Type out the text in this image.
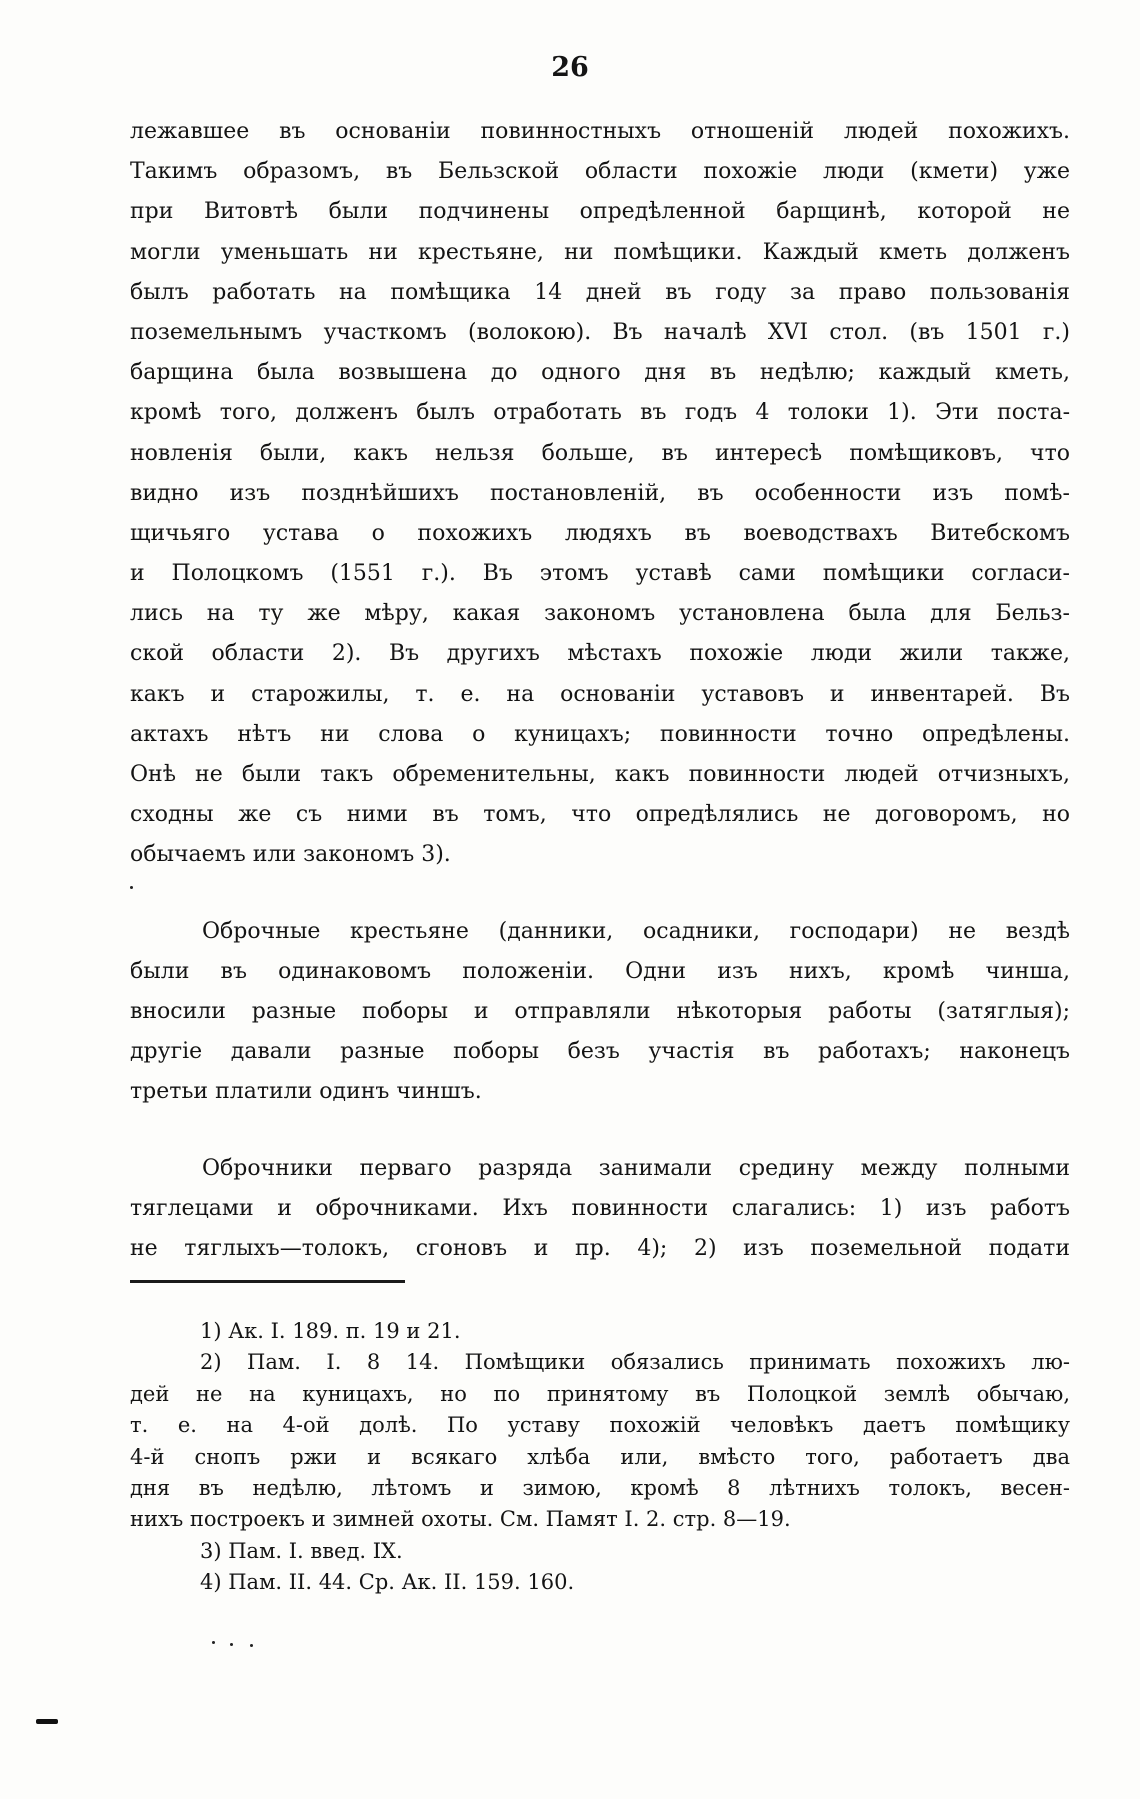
26
лежавшее въ основаніи повинностныхъ отношеній людей похожихъ.
Такимъ образомъ, въ Бельзской области похожіе люди (кмети) уже
при Витовтѣ были подчинены опредѣленной барщинѣ, которой не
могли уменьшать ни крестьяне, ни помѣщики. Каждый кметь долженъ
былъ работать на помѣщика 14 дней въ году за право пользованія
поземельнымъ участкомъ (волокою). Въ началѣ XVI стол. (въ 1501 г.)
барщина была возвышена до одного дня въ недѣлю; каждый кметь,
кромѣ того, долженъ былъ отработать въ годъ 4 толоки 1). Эти поста-
новленія были, какъ нельзя больше, въ интересѣ помѣщиковъ, что
видно изъ позднѣйшихъ постановленій, въ особенности изъ помѣ-
щичьяго устава о похожихъ людяхъ въ воеводствахъ Витебскомъ
и Полоцкомъ (1551 г.). Въ этомъ уставѣ сами помѣщики согласи-
лись на ту же мѣру, какая закономъ установлена была для Бельз-
ской области 2). Въ другихъ мѣстахъ похожіе люди жили также,
какъ и старожилы, т. е. на основаніи уставовъ и инвентарей. Въ
актахъ нѣтъ ни слова о куницахъ; повинности точно опредѣлены.
Онѣ не были такъ обременительны, какъ повинности людей отчизныхъ,
сходны же съ ними въ томъ, что опредѣлялись не договоромъ, но
обычаемъ или закономъ 3).
Оброчные крестьяне (данники, осадники, господари) не вездѣ
были въ одинаковомъ положеніи. Одни изъ нихъ, кромѣ чинша,
вносили разные поборы и отправляли нѣкоторыя работы (затяглыя);
другіе давали разные поборы безъ участія въ работахъ; наконецъ
третьи платили одинъ чиншъ.
Оброчники перваго разряда занимали средину между полными
тяглецами и оброчниками. Ихъ повинности слагались: 1) изъ работъ
не тяглыхъ—толокъ, сгоновъ и пр. 4); 2) изъ поземельной подати
1) Ак. I. 189. п. 19 и 21.
2) Пам. I. 8 14. Помѣщики обязались принимать похожихъ лю-
дей не на куницахъ, но по принятому въ Полоцкой землѣ обычаю,
т. е. на 4-ой долѣ. По уставу похожій человѣкъ даетъ помѣщику
4-й снопъ ржи и всякаго хлѣба или, вмѣсто того, работаетъ два
дня въ недѣлю, лѣтомъ и зимою, кромѣ 8 лѣтнихъ толокъ, весен-
нихъ построекъ и зимней охоты. См. Памят I. 2. стр. 8—19.
3) Пам. I. введ. IX.
4) Пам. II. 44. Ср. Ак. II. 159. 160.
